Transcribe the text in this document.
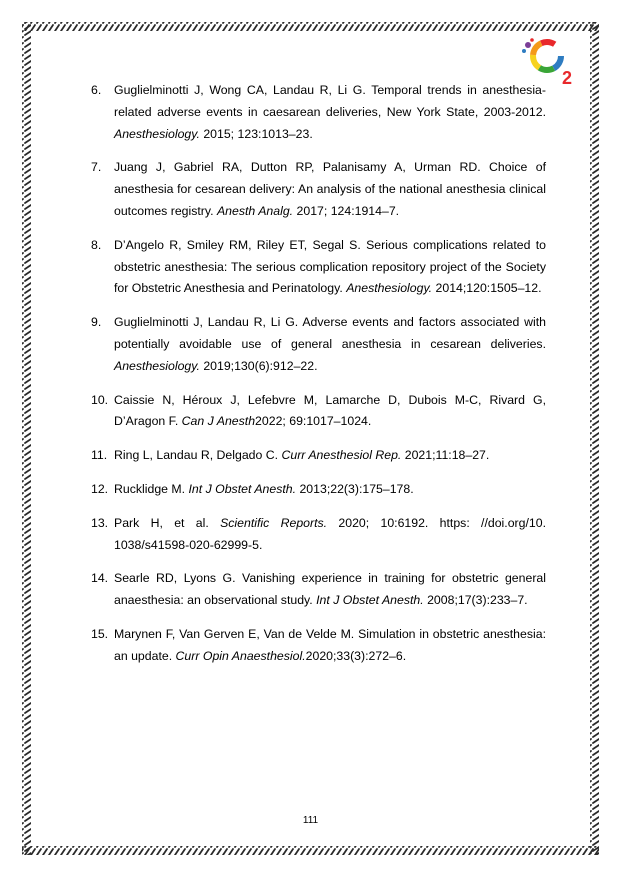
2
6. Guglielminotti J, Wong CA, Landau R, Li G. Temporal trends in anesthesia-related adverse events in caesarean deliveries, New York State, 2003-2012. Anesthesiology. 2015; 123:1013–23.
7. Juang J, Gabriel RA, Dutton RP, Palanisamy A, Urman RD. Choice of anesthesia for cesarean delivery: An analysis of the national anesthesia clinical outcomes registry. Anesth Analg. 2017; 124:1914–7.
8. D’Angelo R, Smiley RM, Riley ET, Segal S. Serious complications related to obstetric anesthesia: The serious complication repository project of the Society for Obstetric Anesthesia and Perinatology. Anesthesiology. 2014;120:1505–12.
9. Guglielminotti J, Landau R, Li G. Adverse events and factors associated with potentially avoidable use of general anesthesia in cesarean deliveries. Anesthesiology. 2019;130(6):912–22.
10. Caissie N, Héroux J, Lefebvre M, Lamarche D, Dubois M-C, Rivard G, D’Aragon F. Can J Anesth2022; 69:1017–1024.
11. Ring L, Landau R, Delgado C. Curr Anesthesiol Rep. 2021;11:18–27.
12. Rucklidge M. Int J Obstet Anesth. 2013;22(3):175–178.
13. Park H, et al. Scientific Reports. 2020; 10:6192. https: //doi.org/10. 1038/s41598-020-62999-5.
14. Searle RD, Lyons G. Vanishing experience in training for obstetric general anaesthesia: an observational study. Int J Obstet Anesth. 2008;17(3):233–7.
15. Marynen F, Van Gerven E, Van de Velde M. Simulation in obstetric anesthesia: an update. Curr Opin Anaesthesiol.2020;33(3):272–6.
111
